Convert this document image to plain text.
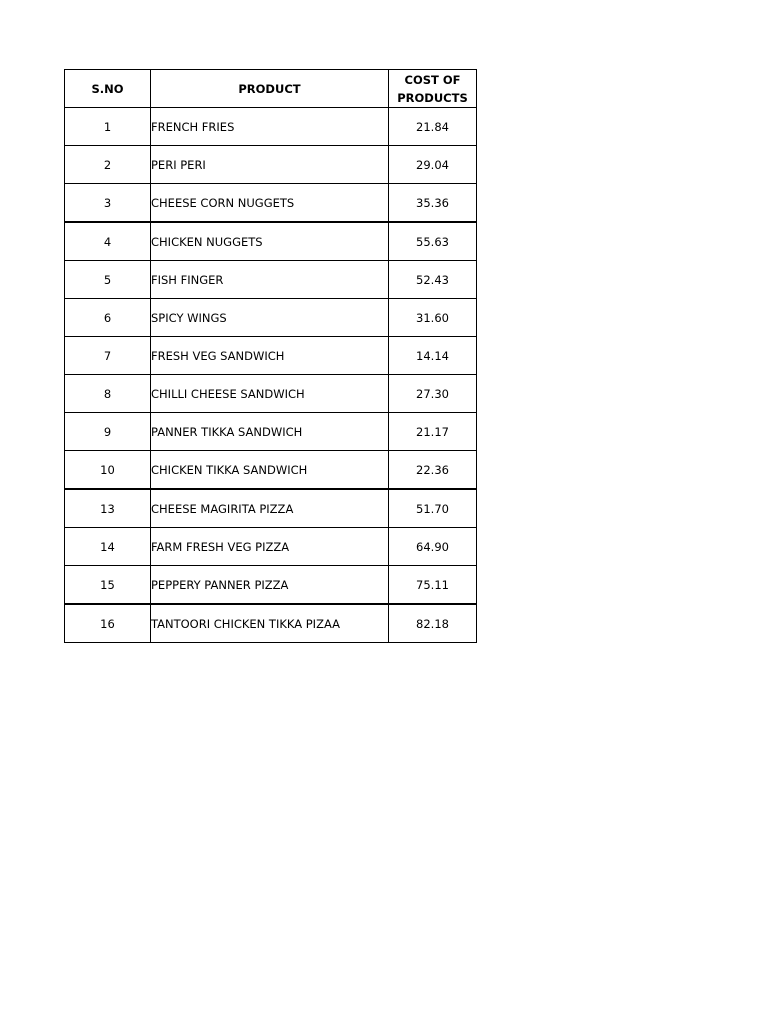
S.NO	PRODUCT	COST OF
PRODUCTS

1	FRENCH FRIES	21.84
2	PERI PERI	29.04
3	CHEESE CORN NUGGETS	35.36
4	CHICKEN NUGGETS	55.63
5	FISH FINGER	52.43
6	SPICY WINGS	31.60
7	FRESH VEG SANDWICH	14.14
8	CHILLI CHEESE SANDWICH	27.30
9	PANNER TIKKA SANDWICH	21.17
10	CHICKEN TIKKA SANDWICH	22.36
13	CHEESE MAGIRITA PIZZA	51.70
14	FARM FRESH VEG PIZZA	64.90
15	PEPPERY PANNER PIZZA	75.11
16	TANTOORI CHICKEN TIKKA PIZAA	82.18
